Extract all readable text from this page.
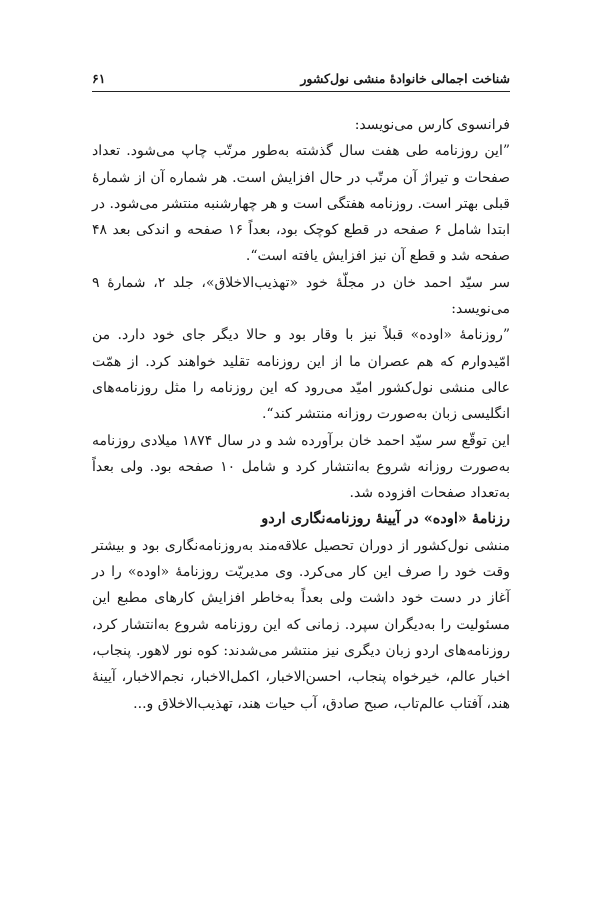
شناخت اجمالی خانوادهٔ منشی نول‌کشور
۶۱

فرانسوی کارس می‌نویسد:

”این روزنامه طی هفت سال گذشته به‌طور مرتّب چاپ می‌شود. تعداد صفحات و تیراژ آن مرتّب در حال افزایش است. هر شماره آن از شمارهٔ قبلی بهتر است. روزنامه هفتگی است و هر چهارشنبه منتشر می‌شود. در ابتدا شامل ۶ صفحه در قطع کوچک بود، بعداً ۱۶ صفحه و اندکی بعد ۴۸ صفحه شد و قطع آن نیز افزایش یافته است“.

سر سیّد احمد خان در مجلّهٔ خود «تهذیب‌الاخلاق»، جلد ۲، شمارهٔ ۹ می‌نویسد:

”روزنامهٔ «اوده» قبلاً نیز با وقار بود و حالا دیگر جای خود دارد. من امّیدوارم که هم عصران ما از این روزنامه تقلید خواهند کرد. از همّت عالی منشی نول‌کشور امیّد می‌رود که این روزنامه را مثل روزنامه‌های انگلیسی زبان به‌صورت روزانه منتشر کند“.

این توقّع سر سیّد احمد خان برآورده شد و در سال ۱۸۷۴ میلادی روزنامه به‌صورت روزانه شروع به‌انتشار کرد و شامل ۱۰ صفحه بود. ولی بعداً به‌تعداد صفحات افزوده شد.

رزنامهٔ «اوده» در آیینهٔ روزنامه‌نگاری اردو

منشی نول‌کشور از دوران تحصیل علاقه‌مند به‌روزنامه‌نگاری بود و بیشتر وقت خود را صرف این کار می‌کرد. وی مدیریّت روزنامهٔ «اوده» را در آغاز در دست خود داشت ولی بعداً به‌خاطر افزایش کارهای مطبع این مسئولیت را به‌دیگران سپرد. زمانی که این روزنامه شروع به‌انتشار کرد، روزنامه‌های اردو زبان دیگری نیز منتشر می‌شدند: کوه نور لاهور. پنجاب، اخبار عالم، خیرخواه پنجاب، احسن‌الاخبار، اکمل‌الاخبار، نجم‌الاخبار، آیینهٔ هند، آفتاب عالم‌تاب، صبح صادق، آب حیات هند، تهذیب‌الاخلاق و...
